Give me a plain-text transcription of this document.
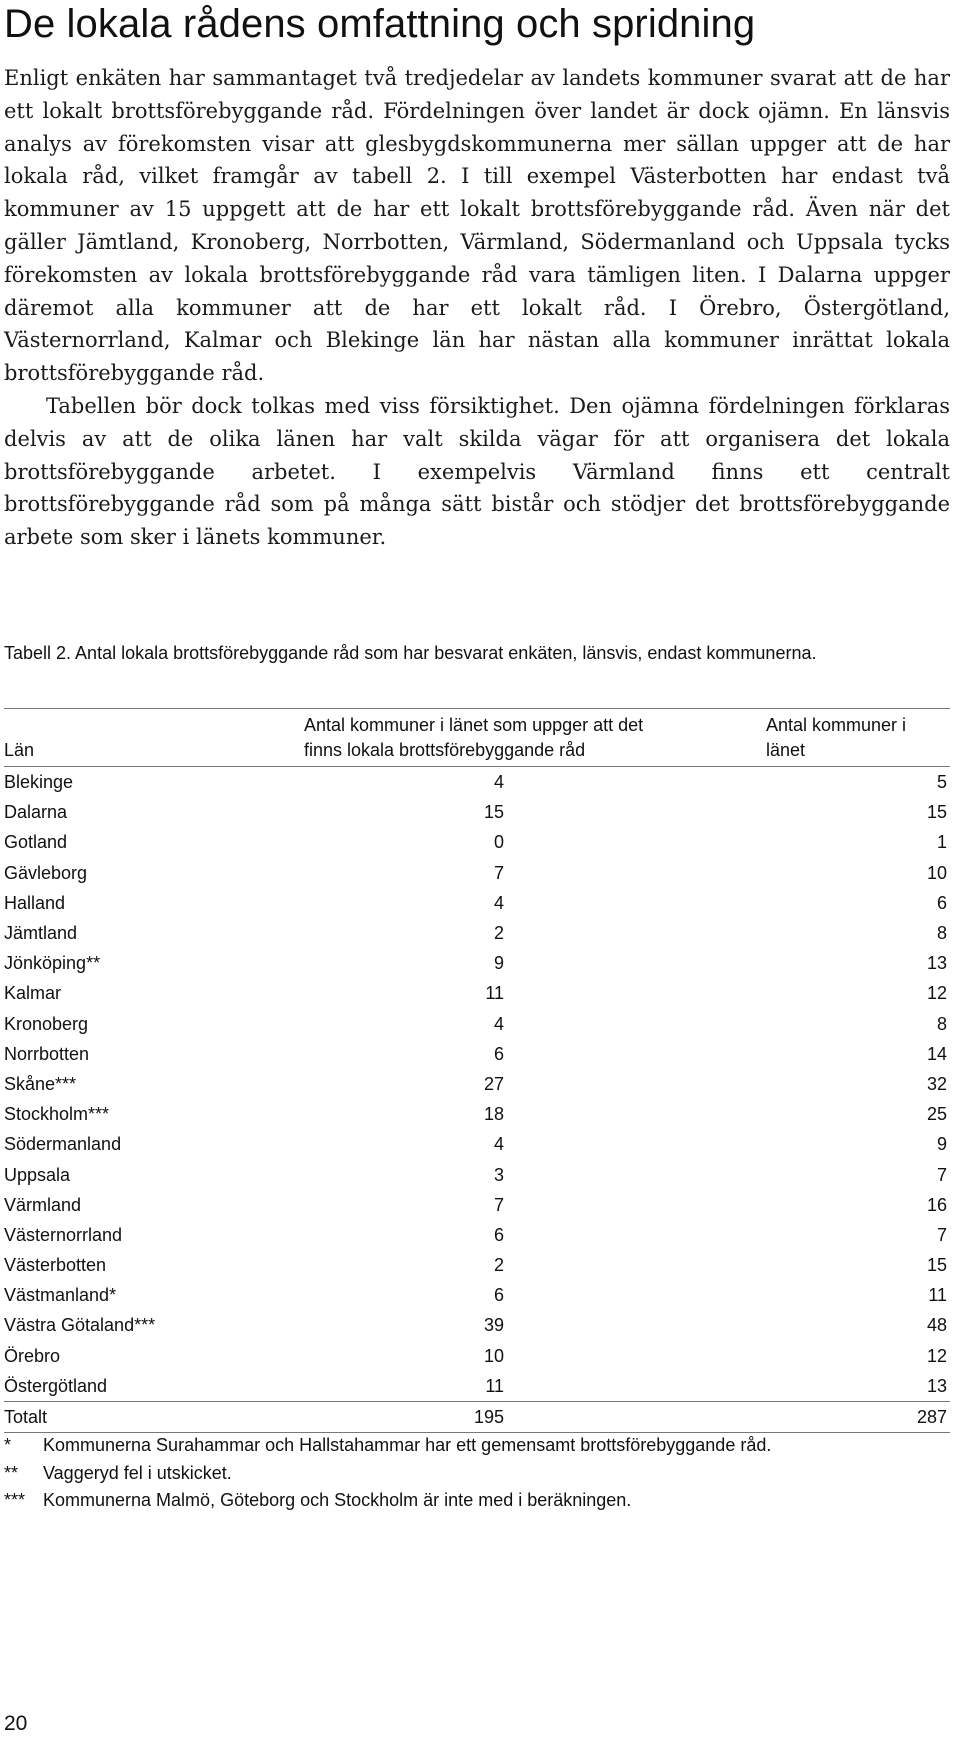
De lokala rådens omfattning och spridning

Enligt enkäten har sammantaget två tredjedelar av landets kommuner svarat att de har ett lokalt brottsförebyggande råd. Fördelningen över landet är dock ojämn. En länsvis analys av förekomsten visar att glesbygdskommunerna mer sällan uppger att de har lokala råd, vilket framgår av tabell 2. I till exempel Västerbotten har endast två kommuner av 15 uppgett att de har ett lokalt brottsförebyggande råd. Även när det gäller Jämtland, Kronoberg, Norrbotten, Värmland, Södermanland och Uppsala tycks förekomsten av lokala brottsförebyggande råd vara tämligen liten. I Dalarna uppger däremot alla kommuner att de har ett lokalt råd. I Örebro, Östergötland, Västernorrland, Kalmar och Blekinge län har nästan alla kommuner inrättat lokala brottsförebyggande råd.

Tabellen bör dock tolkas med viss försiktighet. Den ojämna fördelningen förklaras delvis av att de olika länen har valt skilda vägar för att organisera det lokala brottsförebyggande arbetet. I exempelvis Värmland finns ett centralt brottsförebyggande råd som på många sätt bistår och stödjer det brottsförebyggande arbete som sker i länets kommuner.

Tabell 2. Antal lokala brottsförebyggande råd som har besvarat enkäten, länsvis, endast kommunerna.
Län	Antal kommuner i länet som uppger att det finns lokala brottsförebyggande råd		Antal kommuner i länet

Blekinge	4		5
Dalarna	15		15
Gotland	0		1
Gävleborg	7		10
Halland	4		6
Jämtland	2		8
Jönköping**	9		13
Kalmar	11		12
Kronoberg	4		8
Norrbotten	6		14
Skåne***	27		32
Stockholm***	18		25
Södermanland	4		9
Uppsala	3		7
Värmland	7		16
Västernorrland	6		7
Västerbotten	2		15
Västmanland*	6		11
Västra Götaland***	39		48
Örebro	10		12
Östergötland	11		13
Totalt	195		287
*	Kommunerna Surahammar och Hallstahammar har ett gemensamt brottsförebyggande råd.
**	Vaggeryd fel i utskicket.
*** Kommunerna Malmö, Göteborg och Stockholm är inte med i beräkningen.
20
